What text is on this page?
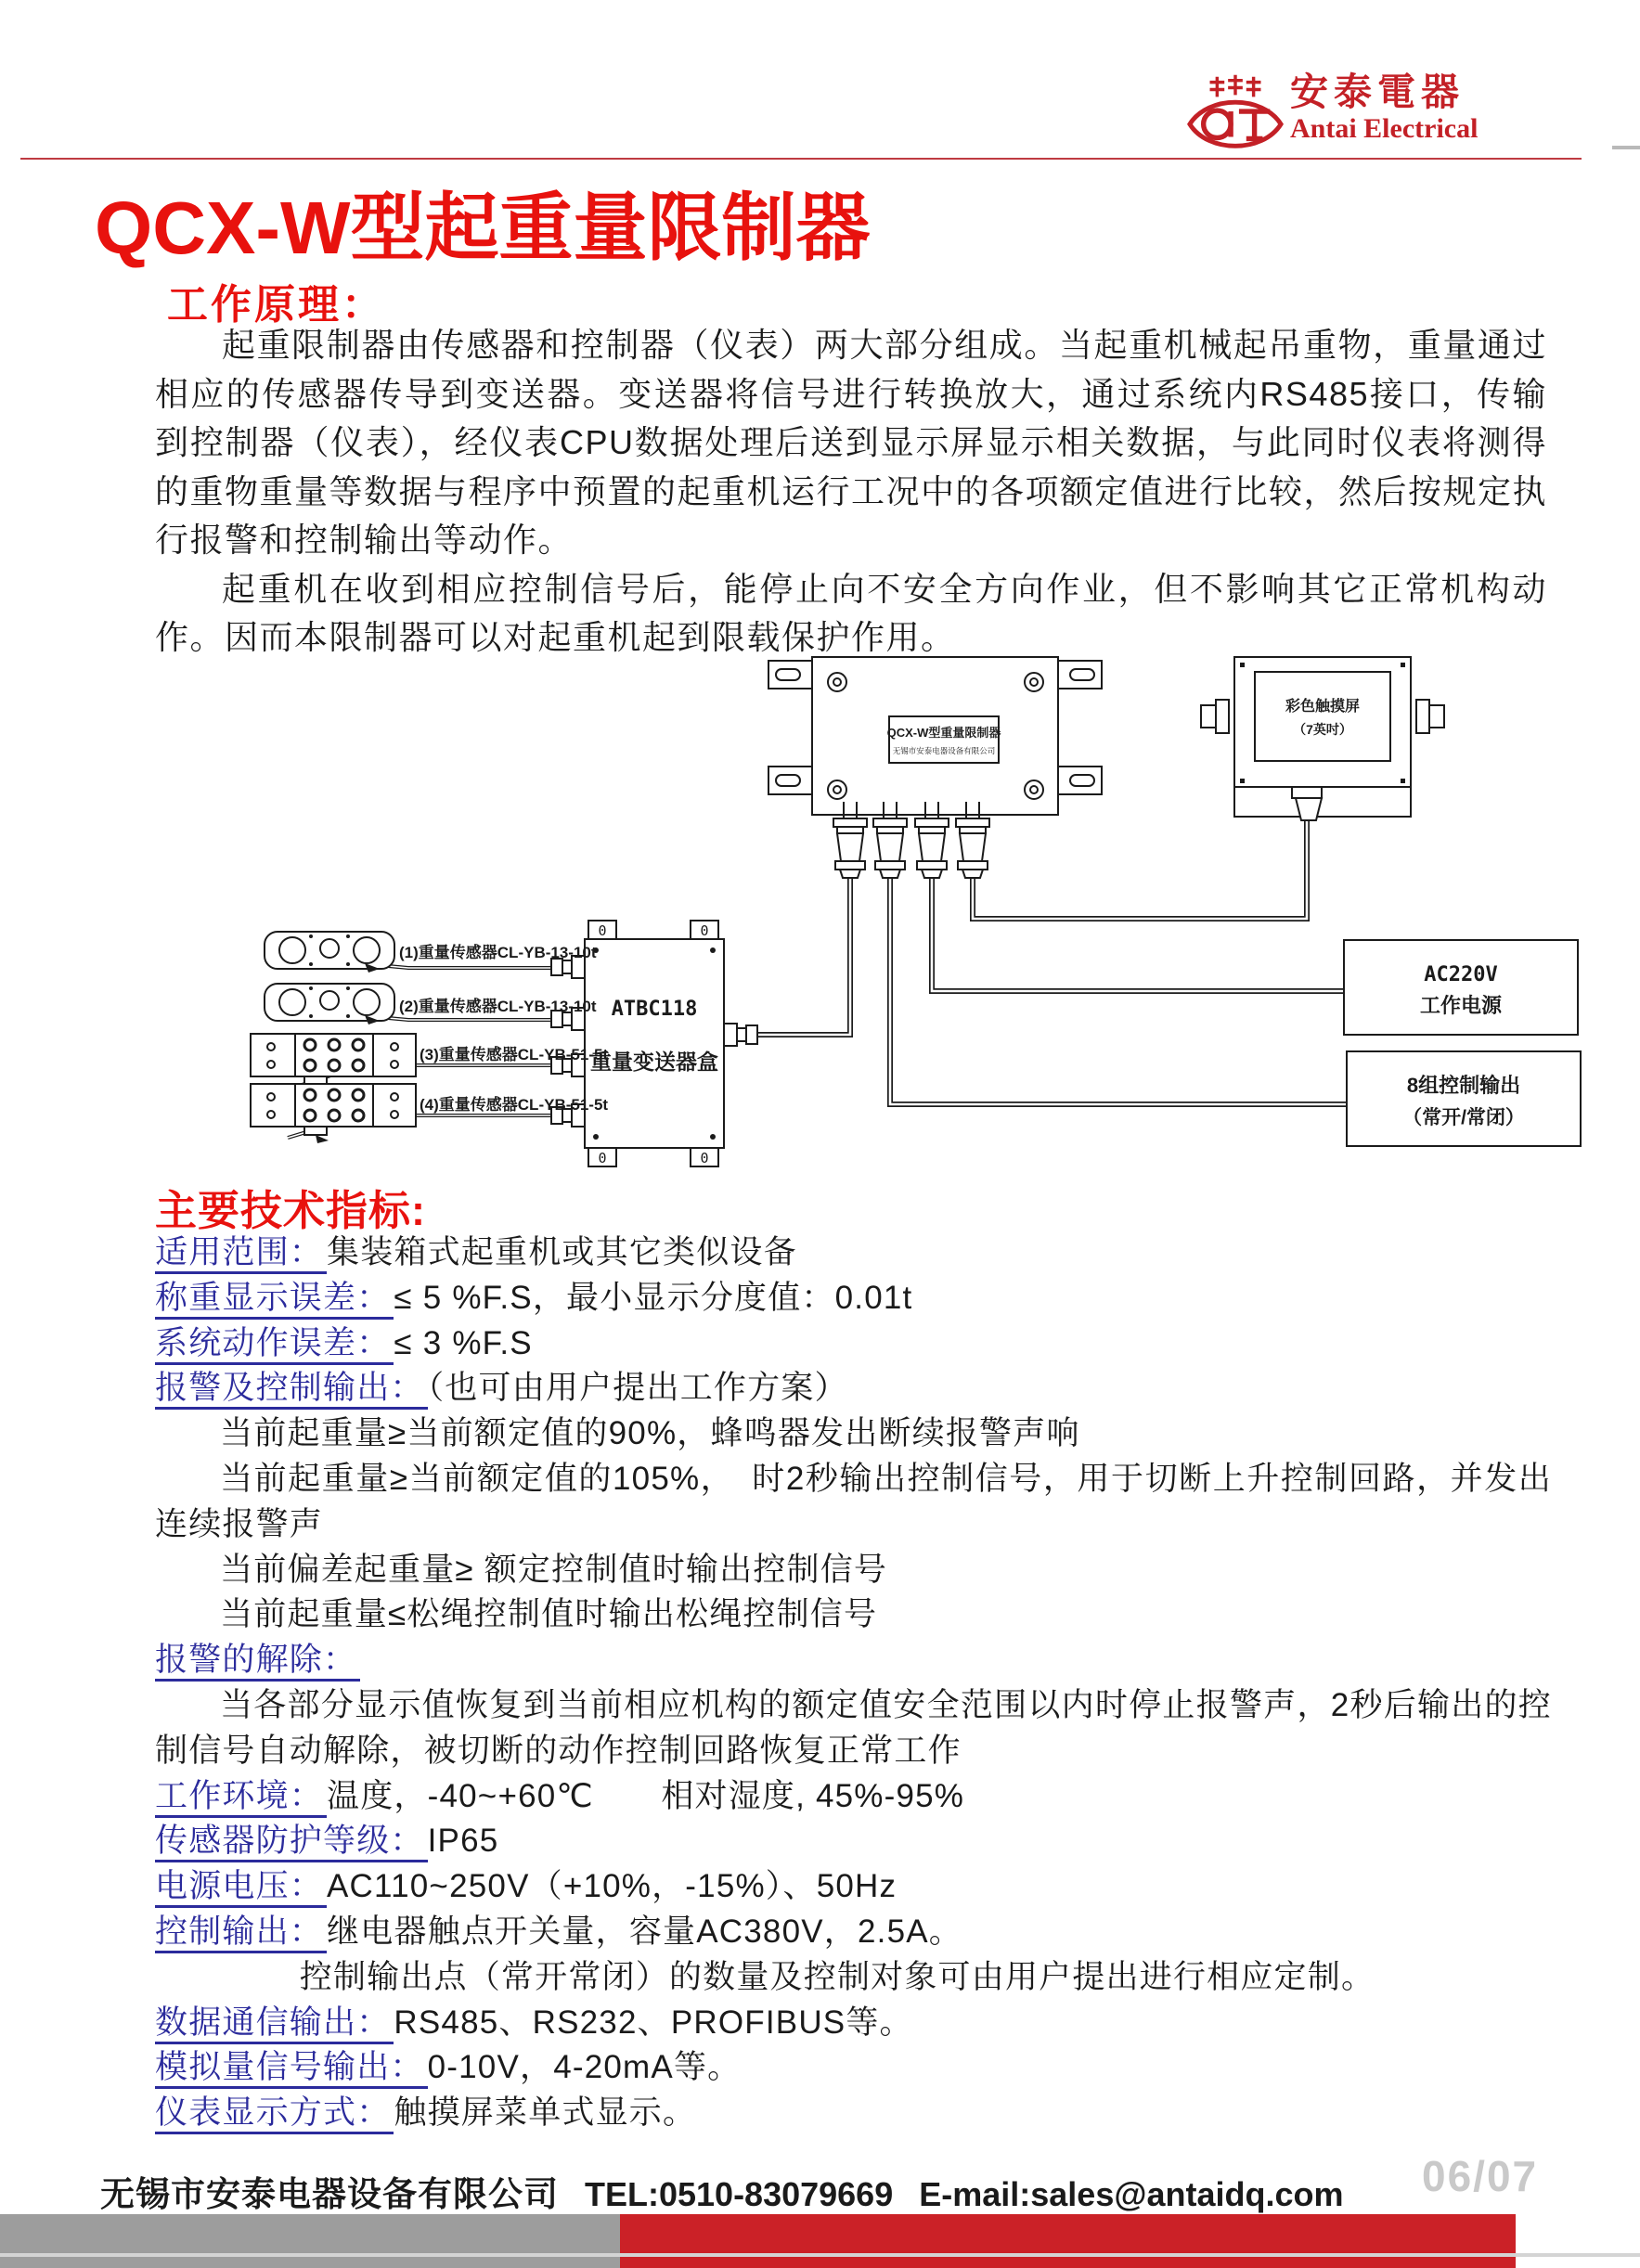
安泰電器
Antai Electrical
QCX-W型起重量限制器
工作原理：

起重限制器由传感器和控制器（仪表）两大部分组成。当起重机械起吊重物，重量通过相应的传感器传导到变送器。变送器将信号进行转换放大，通过系统内RS485接口，传输到控制器（仪表），经仪表CPU数据处理后送到显示屏显示相关数据，与此同时仪表将测得的重物重量等数据与程序中预置的起重机运行工况中的各项额定值进行比较，然后按规定执行报警和控制输出等动作。

起重机在收到相应控制信号后，能停止向不安全方向作业，但不影响其它正常机构动作。因而本限制器可以对起重机起到限载保护作用。

QCX-W型重量限制器
无锡市安泰电器设备有限公司
彩色触摸屏
（7英吋）
0	0
0	0
ATBC118
重量变送器盒
(1)重量传感器CL-YB-13-10t
(2)重量传感器CL-YB-13-10t
(3)重量传感器CL-YB-51-5t
(4)重量传感器CL-YB-51-5t
AC220V
工作电源
8组控制输出
（常开/常闭）
主要技术指标:
适用范围： 集装箱式起重机或其它类似设备
称重显示误差： ≤ 5 %F.S，最小显示分度值：0.01t
系统动作误差： ≤ 3 %F.S
报警及控制输出： （也可由用户提出工作方案）
当前起重量≥当前额定值的90%，蜂鸣器发出断续报警声响
当前起重量≥当前额定值的105%，　时2秒输出控制信号，用于切断上升控制回路，并发出连续报警声
当前偏差起重量≥ 额定控制值时输出控制信号
当前起重量≤松绳控制值时输出松绳控制信号
报警的解除：
当各部分显示值恢复到当前相应机构的额定值安全范围以内时停止报警声，2秒后输出的控制信号自动解除，被切断的动作控制回路恢复正常工作
工作环境： 温度，-40~+60℃　　相对湿度, 45%-95%
传感器防护等级： IP65
电源电压： AC110~250V（+10%，-15%）、50Hz
控制输出： 继电器触点开关量，容量AC380V，2.5A。
控制输出点（常开常闭）的数量及控制对象可由用户提出进行相应定制。
数据通信输出： RS485、RS232、PROFIBUS等。
模拟量信号输出： 0-10V，4-20mA等。
仪表显示方式： 触摸屏菜单式显示。
无锡市安泰电器设备有限公司 TEL:0510-83079669 E-mail:sales@antaidq.com 06/07
